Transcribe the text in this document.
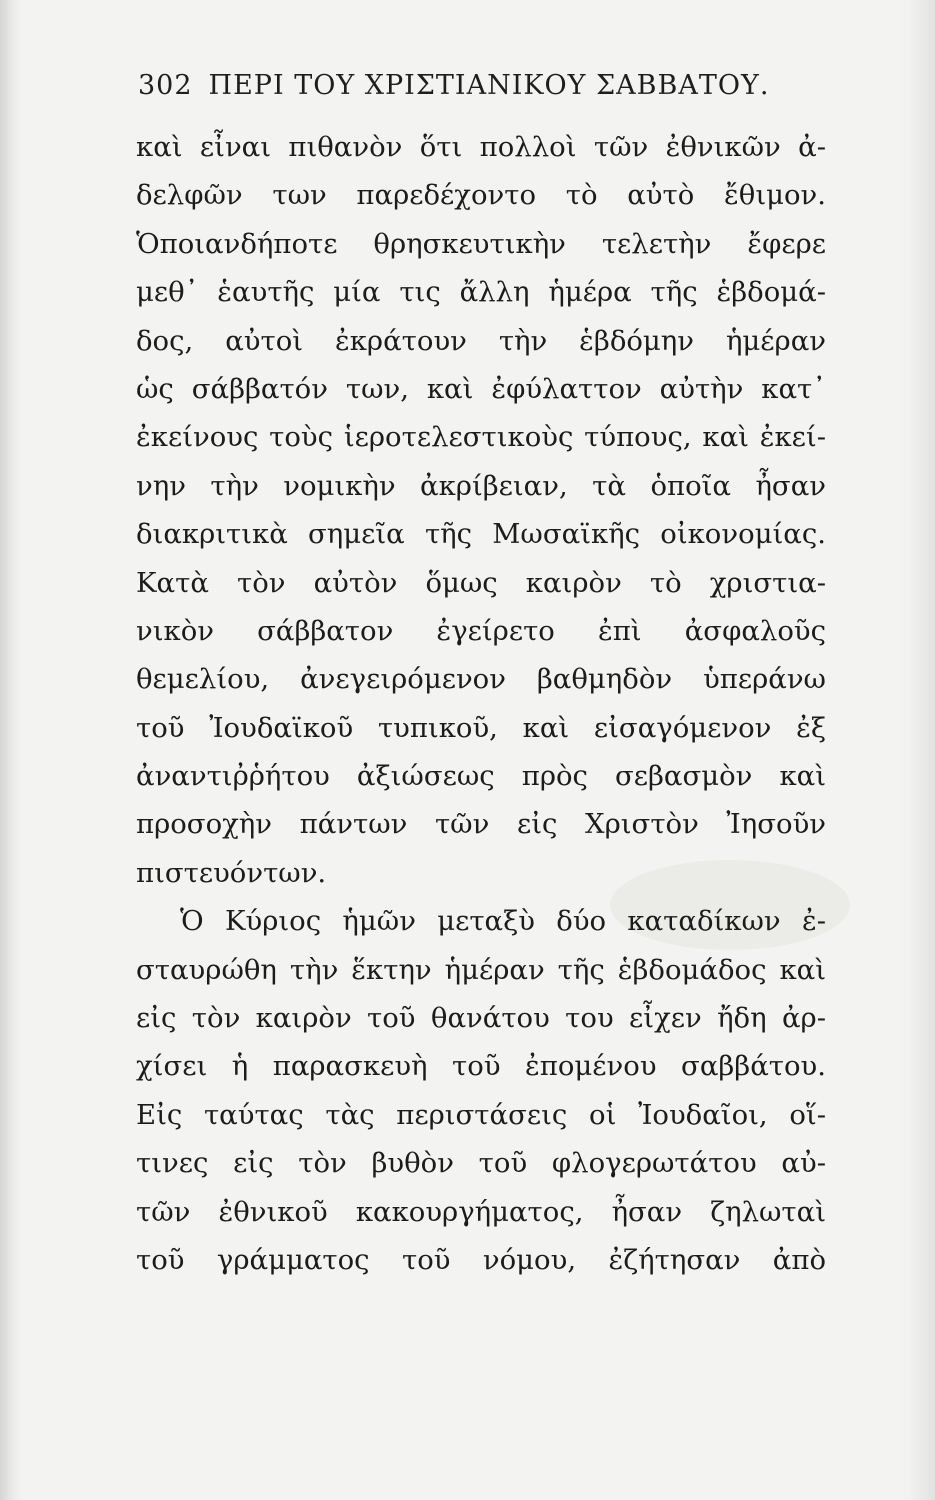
302 ΠΕΡΙ ΤΟΥ ΧΡΙΣΤΙΑΝΙΚΟΥ ΣΑΒΒΑΤΟΥ.
καὶ εἶναι πιθανὸν ὅτι πολλοὶ τῶν ἐθνικῶν ἀ-
δελφῶν των παρεδέχοντο τὸ αὐτὸ ἔθιμον.
Ὁποιανδήποτε θρησκευτικὴν τελετὴν ἔφερε
μεθ᾽ ἑαυτῆς μία τις ἄλλη ἡμέρα τῆς ἑβδομά-
δος, αὐτοὶ ἐκράτουν τὴν ἑβδόμην ἡμέραν
ὡς σάββατόν των, καὶ ἐφύλαττον αὐτὴν κατ᾽
ἐκείνους τοὺς ἱεροτελεστικοὺς τύπους, καὶ ἐκεί-
νην τὴν νομικὴν ἀκρίβειαν, τὰ ὁποῖα ἦσαν
διακριτικὰ σημεῖα τῆς Μωσαϊκῆς οἰκονομίας.
Κατὰ τὸν αὐτὸν ὅμως καιρὸν τὸ χριστια-
νικὸν σάββατον ἐγείρετο ἐπὶ ἀσφαλοῦς
θεμελίου, ἀνεγειρόμενον βαθμηδὸν ὑπεράνω
τοῦ Ἰουδαϊκοῦ τυπικοῦ, καὶ εἰσαγόμενον ἐξ
ἀναντιῤῥήτου ἀξιώσεως πρὸς σεβασμὸν καὶ
προσοχὴν πάντων τῶν εἰς Χριστὸν Ἰησοῦν
πιστευόντων.
Ὁ Κύριος ἡμῶν μεταξὺ δύο καταδίκων ἐ-
σταυρώθη τὴν ἕκτην ἡμέραν τῆς ἑβδομάδος καὶ
εἰς τὸν καιρὸν τοῦ θανάτου του εἶχεν ἤδη ἀρ-
χίσει ἡ παρασκευὴ τοῦ ἐπομένου σαββάτου.
Εἰς ταύτας τὰς περιστάσεις οἱ Ἰουδαῖοι, οἵ-
τινες εἰς τὸν βυθὸν τοῦ φλογερωτάτου αὐ-
τῶν ἐθνικοῦ κακουργήματος, ἦσαν ζηλωταὶ
τοῦ γράμματος τοῦ νόμου, ἐζήτησαν ἀπὸ
